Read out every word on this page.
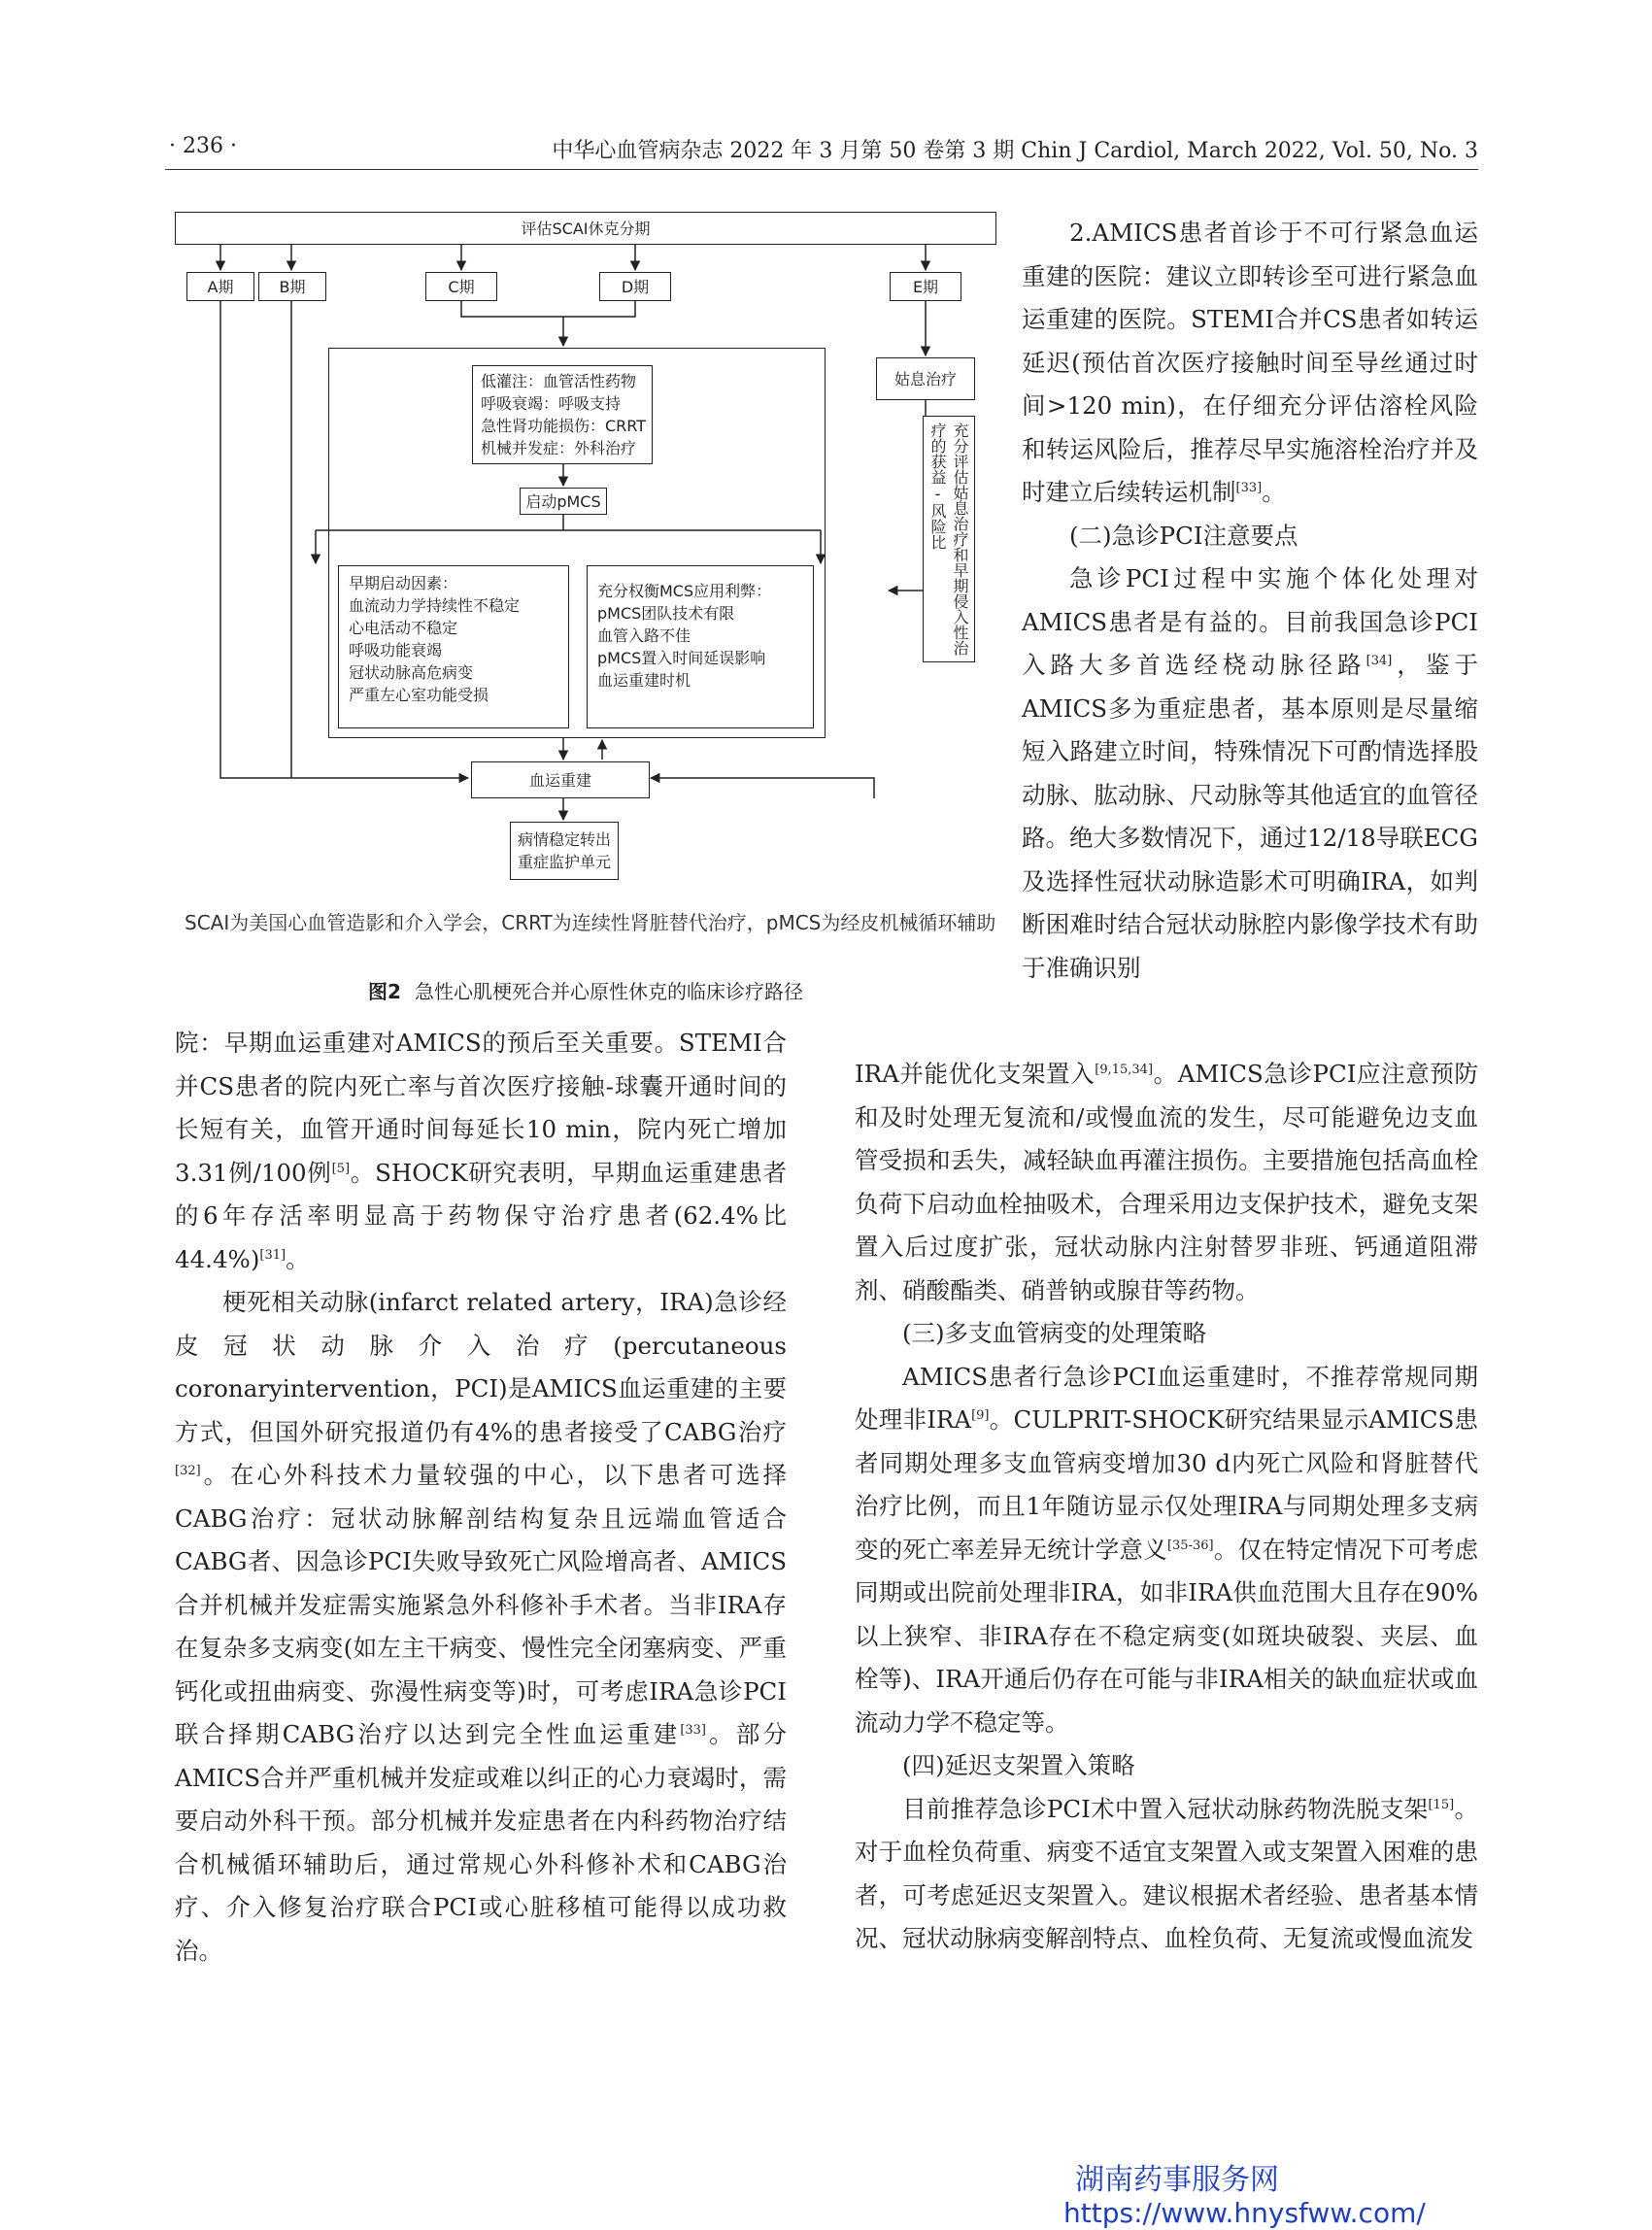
· 236 ·	中华心血管病杂志 2022 年 3 月第 50 卷第 3 期 Chin J Cardiol, March 2022, Vol. 50, No. 3
评估SCAI休克分期
A期	B期	C期	D期	E期
低灌注：血管活性药物
呼吸衰竭：呼吸支持
急性肾功能损伤：CRRT
机械并发症：外科治疗
启动pMCS
早期启动因素：
血流动力学持续性不稳定
心电活动不稳定
呼吸功能衰竭
冠状动脉高危病变
严重左心室功能受损
充分权衡MCS应用利弊：
pMCS团队技术有限
血管入路不佳
pMCS置入时间延误影响
血运重建时机
姑息治疗
充分评估姑息治疗和早期侵入性治疗的获益-风险比
血运重建
病情稳定转出
重症监护单元
SCAI为美国心血管造影和介入学会，CRRT为连续性肾脏替代治疗，pMCS为经皮机械循环辅助
图2 急性心肌梗死合并心原性休克的临床诊疗路径

2.AMICS患者首诊于不可行紧急血运重建的医院：建议立即转诊至可进行紧急血运重建的医院。STEMI合并CS患者如转运延迟(预估首次医疗接触时间至导丝通过时间>120 min)，在仔细充分评估溶栓风险和转运风险后，推荐尽早实施溶栓治疗并及时建立后续转运机制[33]。

(二)急诊PCI注意要点

急诊PCI过程中实施个体化处理对AMICS患者是有益的。目前我国急诊PCI入路大多首选经桡动脉径路[34]，鉴于AMICS多为重症患者，基本原则是尽量缩短入路建立时间，特殊情况下可酌情选择股动脉、肱动脉、尺动脉等其他适宜的血管径路。绝大多数情况下，通过12/18导联ECG及选择性冠状动脉造影术可明确IRA，如判断困难时结合冠状动脉腔内影像学技术有助于准确识别

院：早期血运重建对AMICS的预后至关重要。STEMI合并CS患者的院内死亡率与首次医疗接触-球囊开通时间的长短有关，血管开通时间每延长10 min，院内死亡增加3.31例/100例[5]。SHOCK研究表明，早期血运重建患者的6年存活率明显高于药物保守治疗患者(62.4%比44.4%)[31]。

梗死相关动脉(infarct related artery，IRA)急诊经皮冠状动脉介入治疗(percutaneous coronaryintervention，PCI)是AMICS血运重建的主要方式，但国外研究报道仍有4%的患者接受了CABG治疗[32]。在心外科技术力量较强的中心，以下患者可选择CABG治疗：冠状动脉解剖结构复杂且远端血管适合CABG者、因急诊PCI失败导致死亡风险增高者、AMICS合并机械并发症需实施紧急外科修补手术者。当非IRA存在复杂多支病变(如左主干病变、慢性完全闭塞病变、严重钙化或扭曲病变、弥漫性病变等)时，可考虑IRA急诊PCI联合择期CABG治疗以达到完全性血运重建[33]。部分AMICS合并严重机械并发症或难以纠正的心力衰竭时，需要启动外科干预。部分机械并发症患者在内科药物治疗结合机械循环辅助后，通过常规心外科修补术和CABG治疗、介入修复治疗联合PCI或心脏移植可能得以成功救治。

IRA并能优化支架置入[9,15,34]。AMICS急诊PCI应注意预防和及时处理无复流和/或慢血流的发生，尽可能避免边支血管受损和丢失，减轻缺血再灌注损伤。主要措施包括高血栓负荷下启动血栓抽吸术，合理采用边支保护技术，避免支架置入后过度扩张，冠状动脉内注射替罗非班、钙通道阻滞剂、硝酸酯类、硝普钠或腺苷等药物。

(三)多支血管病变的处理策略

AMICS患者行急诊PCI血运重建时，不推荐常规同期处理非IRA[9]。CULPRIT-SHOCK研究结果显示AMICS患者同期处理多支血管病变增加30 d内死亡风险和肾脏替代治疗比例，而且1年随访显示仅处理IRA与同期处理多支病变的死亡率差异无统计学意义[35-36]。仅在特定情况下可考虑同期或出院前处理非IRA，如非IRA供血范围大且存在90%以上狭窄、非IRA存在不稳定病变(如斑块破裂、夹层、血栓等)、IRA开通后仍存在可能与非IRA相关的缺血症状或血流动力学不稳定等。

(四)延迟支架置入策略

目前推荐急诊PCI术中置入冠状动脉药物洗脱支架[15]。对于血栓负荷重、病变不适宜支架置入或支架置入困难的患者，可考虑延迟支架置入。建议根据术者经验、患者基本情况、冠状动脉病变解剖特点、血栓负荷、无复流或慢血流发

湖南药事服务网
https://www.hnysfww.com/
